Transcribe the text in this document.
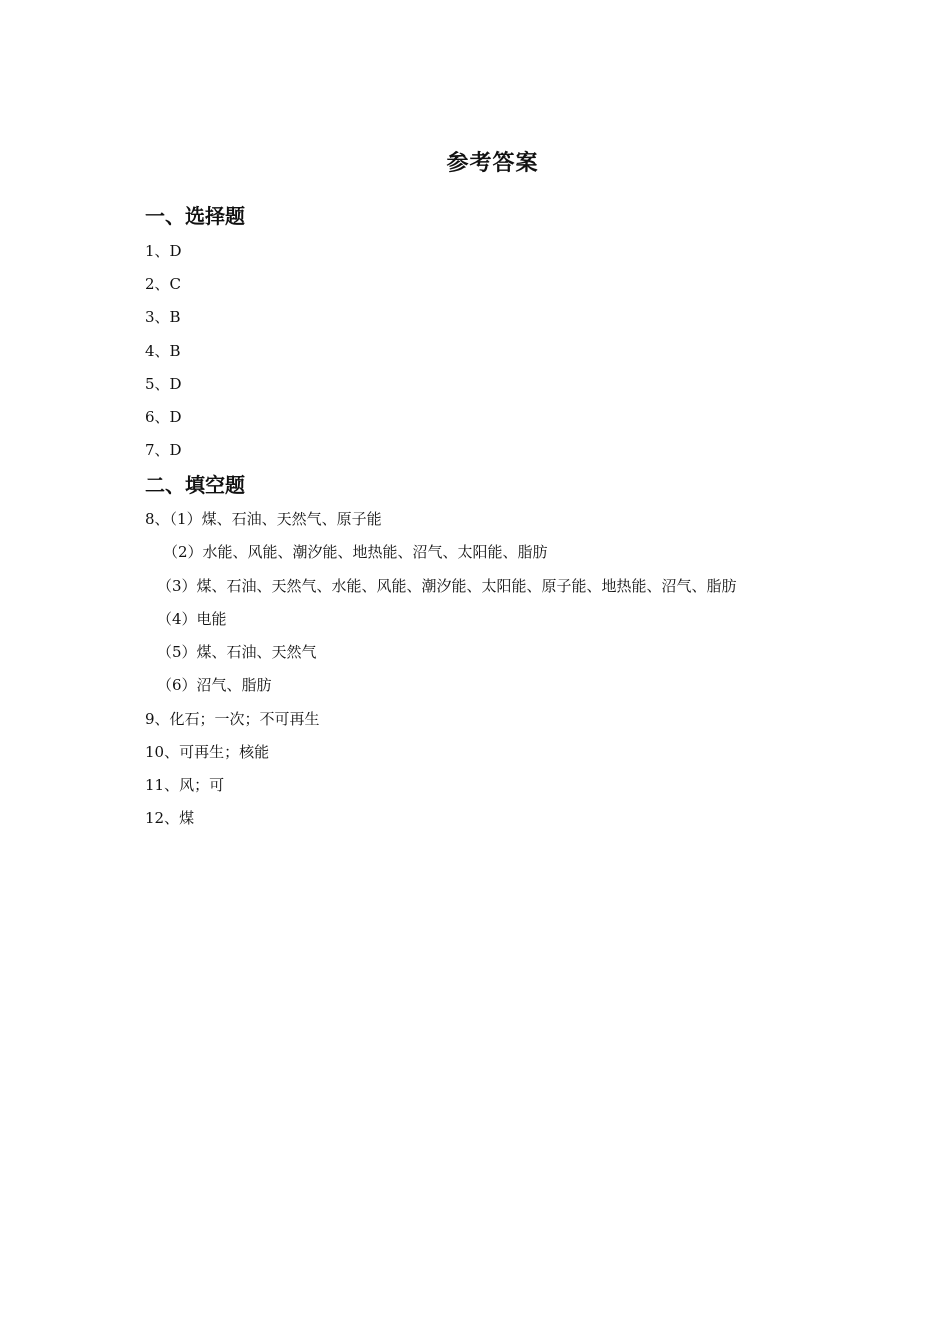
参考答案
一、选择题
1、D
2、C
3、B
4、B
5、D
6、D
7、D
二、填空题
8、（1）煤、石油、天然气、原子能
（2）水能、风能、潮汐能、地热能、沼气、太阳能、脂肪
（3）煤、石油、天然气、水能、风能、潮汐能、太阳能、原子能、地热能、沼气、脂肪
（4）电能
（5）煤、石油、天然气
（6）沼气、脂肪
9、化石；一次；不可再生
10、可再生；核能
11、风；可
12、煤
